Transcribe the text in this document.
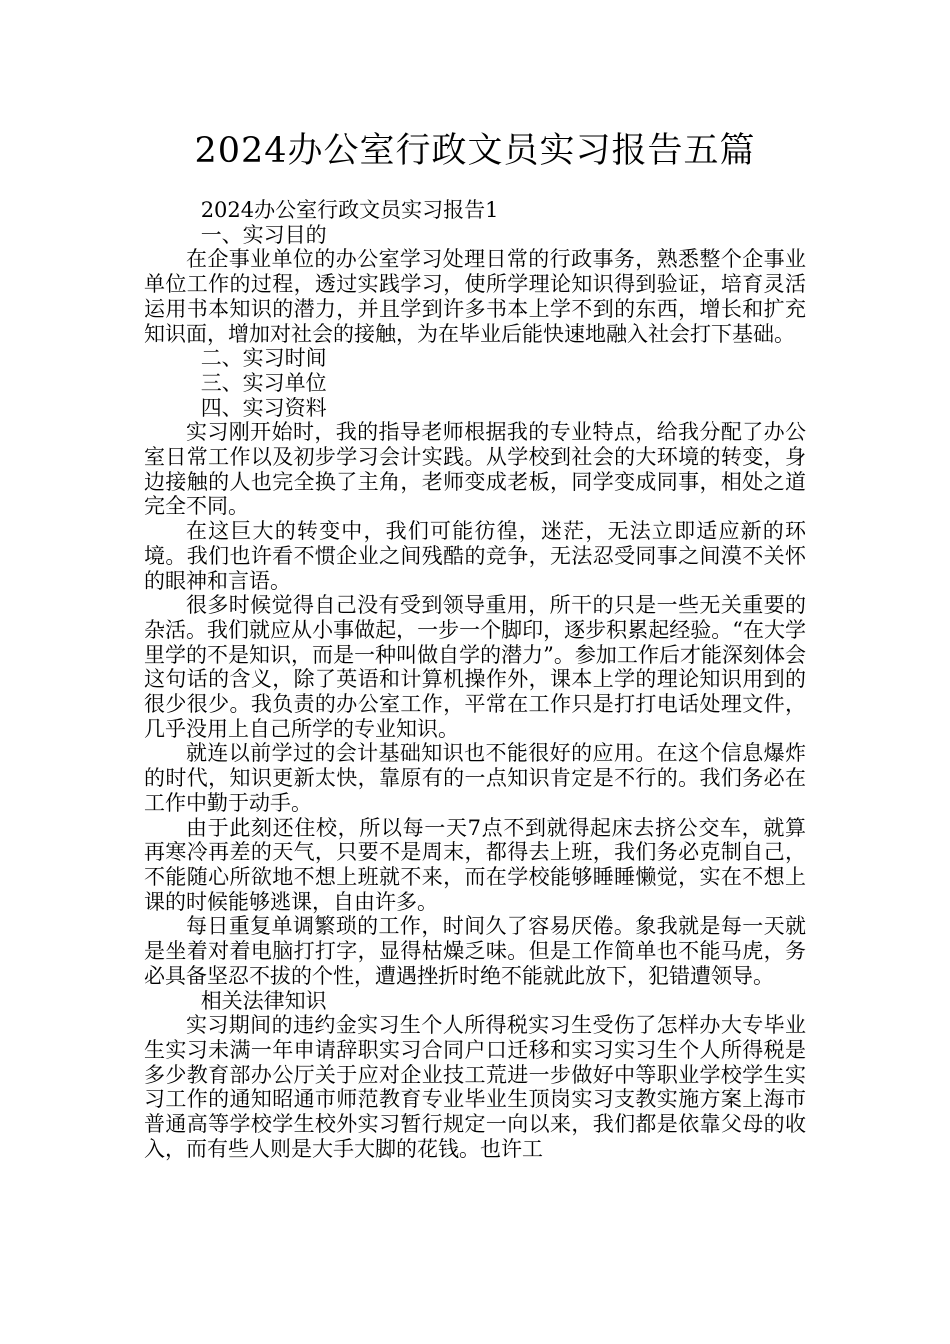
2024办公室行政文员实习报告五篇

2024办公室行政文员实习报告1

一、实习目的

在企事业单位的办公室学习处理日常的行政事务，熟悉整个企事业单位工作的过程，透过实践学习，使所学理论知识得到验证，培育灵活运用书本知识的潜力，并且学到许多书本上学不到的东西，增长和扩充知识面，增加对社会的接触，为在毕业后能快速地融入社会打下基础。

二、实习时间

三、实习单位

四、实习资料

实习刚开始时，我的指导老师根据我的专业特点，给我分配了办公室日常工作以及初步学习会计实践。从学校到社会的大环境的转变，身边接触的人也完全换了主角，老师变成老板，同学变成同事，相处之道完全不同。

在这巨大的转变中，我们可能彷徨，迷茫，无法立即适应新的环境。我们也许看不惯企业之间残酷的竞争，无法忍受同事之间漠不关怀的眼神和言语。

很多时候觉得自己没有受到领导重用，所干的只是一些无关重要的杂活。我们就应从小事做起，一步一个脚印，逐步积累起经验。“在大学里学的不是知识，而是一种叫做自学的潜力”。参加工作后才能深刻体会这句话的含义，除了英语和计算机操作外，课本上学的理论知识用到的很少很少。我负责的办公室工作，平常在工作只是打打电话处理文件，几乎没用上自己所学的专业知识。

就连以前学过的会计基础知识也不能很好的应用。在这个信息爆炸的时代，知识更新太快，靠原有的一点知识肯定是不行的。我们务必在工作中勤于动手。

由于此刻还住校，所以每一天7点不到就得起床去挤公交车，就算再寒冷再差的天气，只要不是周末，都得去上班，我们务必克制自己，不能随心所欲地不想上班就不来，而在学校能够睡睡懒觉，实在不想上课的时候能够逃课，自由许多。

每日重复单调繁琐的工作，时间久了容易厌倦。象我就是每一天就是坐着对着电脑打打字，显得枯燥乏味。但是工作简单也不能马虎，务必具备坚忍不拔的个性，遭遇挫折时绝不能就此放下，犯错遭领导。

相关法律知识

实习期间的违约金实习生个人所得税实习生受伤了怎样办大专毕业生实习未满一年申请辞职实习合同户口迁移和实习实习生个人所得税是多少教育部办公厅关于应对企业技工荒进一步做好中等职业学校学生实习工作的通知昭通市师范教育专业毕业生顶岗实习支教实施方案上海市普通高等学校学生校外实习暂行规定一向以来，我们都是依靠父母的收入，而有些人则是大手大脚的花钱。也许工
